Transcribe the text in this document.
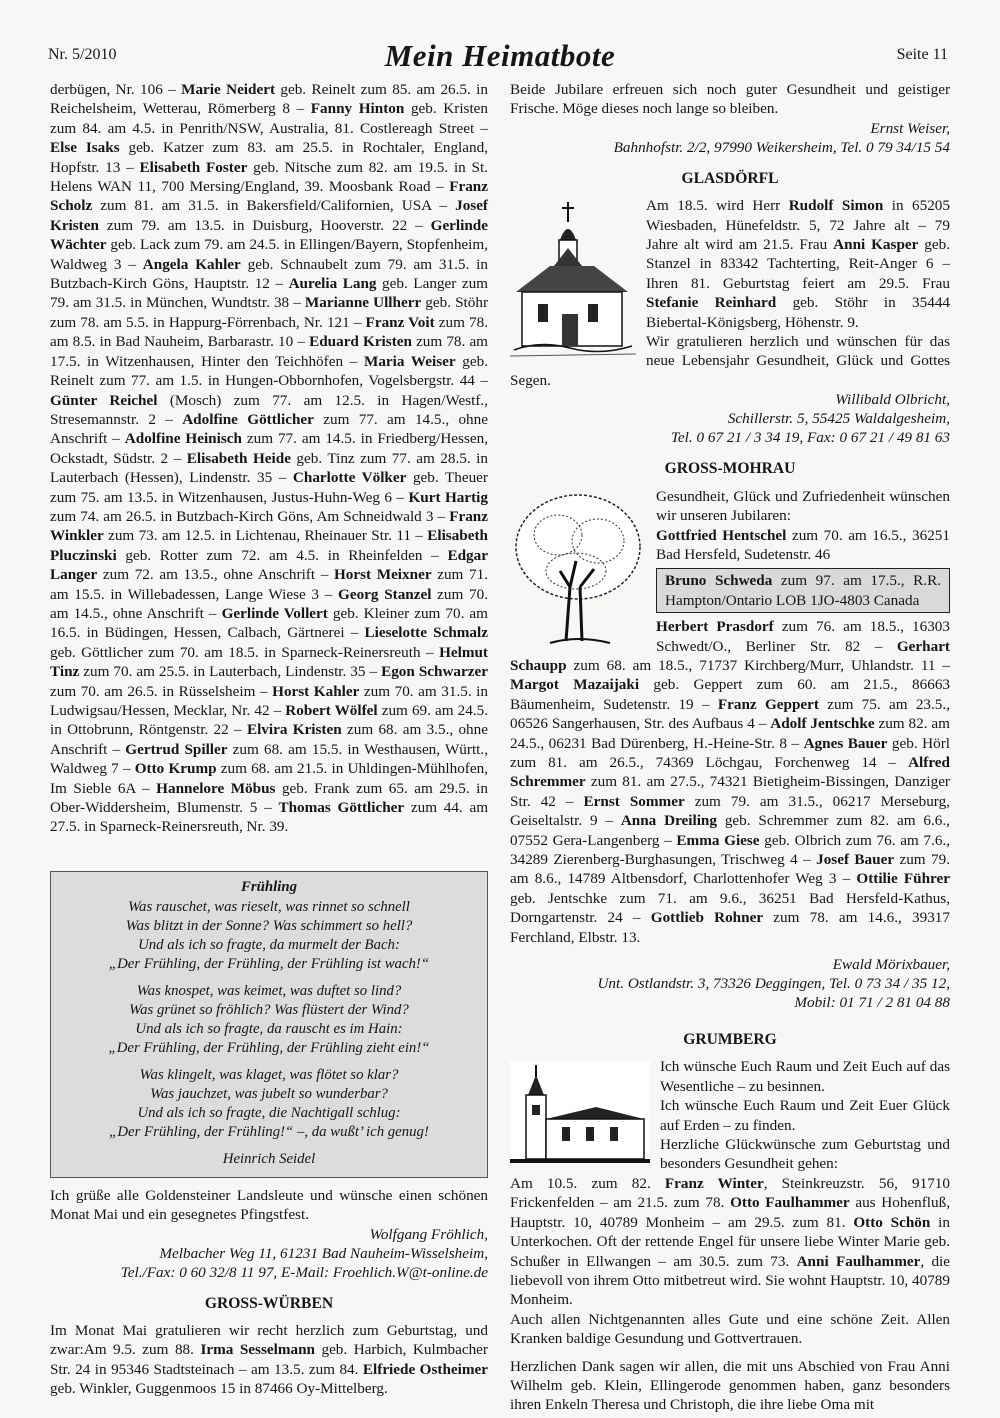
Nr. 5/2010	Mein Heimatbote	Seite 11

derbügen, Nr. 106 – Marie Neidert geb. Reinelt zum 85. am 26.5. in Reichelsheim, Wetterau, Römerberg 8 – Fanny Hinton geb. Kristen zum 84. am 4.5. in Penrith/NSW, Australia, 81. Costlereagh Street – Else Isaks geb. Katzer zum 83. am 25.5. in Rochtaler, England, Hopfstr. 13 – Elisabeth Foster geb. Nitsche zum 82. am 19.5. in St. Helens WAN 11, 700 Mersing/England, 39. Moosbank Road – Franz Scholz zum 81. am 31.5. in Bakersfield/Californien, USA – Josef Kristen zum 79. am 13.5. in Duisburg, Hooverstr. 22 – Gerlinde Wächter geb. Lack zum 79. am 24.5. in Ellingen/Bayern, Stopfenheim, Waldweg 3 – Angela Kahler geb. Schnaubelt zum 79. am 31.5. in Butzbach-Kirch Göns, Hauptstr. 12 – Aurelia Lang geb. Langer zum 79. am 31.5. in München, Wundtstr. 38 – Marianne Ullherr geb. Stöhr zum 78. am 5.5. in Happurg-Förrenbach, Nr. 121 – Franz Voit zum 78. am 8.5. in Bad Nauheim, Barbarastr. 10 – Eduard Kristen zum 78. am 17.5. in Witzenhausen, Hinter den Teichhöfen – Maria Weiser geb. Reinelt zum 77. am 1.5. in Hungen-Obbornhofen, Vogelsbergstr. 44 – Günter Reichel (Mosch) zum 77. am 12.5. in Hagen/Westf., Stresemannstr. 2 – Adolfine Göttlicher zum 77. am 14.5., ohne Anschrift – Adolfine Heinisch zum 77. am 14.5. in Friedberg/Hessen, Ockstadt, Südstr. 2 – Elisabeth Heide geb. Tinz zum 77. am 28.5. in Lauterbach (Hessen), Lindenstr. 35 – Charlotte Völker geb. Theuer zum 75. am 13.5. in Witzenhausen, Justus-Huhn-Weg 6 – Kurt Hartig zum 74. am 26.5. in Butzbach-Kirch Göns, Am Schneidwald 3 – Franz Winkler zum 73. am 12.5. in Lichtenau, Rheinauer Str. 11 – Elisabeth Pluczinski geb. Rotter zum 72. am 4.5. in Rheinfelden – Edgar Langer zum 72. am 13.5., ohne Anschrift – Horst Meixner zum 71. am 15.5. in Willebadessen, Lange Wiese 3 – Georg Stanzel zum 70. am 14.5., ohne Anschrift – Gerlinde Vollert geb. Kleiner zum 70. am 16.5. in Büdingen, Hessen, Calbach, Gärtnerei – Lieselotte Schmalz geb. Göttlicher zum 70. am 18.5. in Sparneck-Reinersreuth – Helmut Tinz zum 70. am 25.5. in Lauterbach, Lindenstr. 35 – Egon Schwarzer zum 70. am 26.5. in Rüsselsheim – Horst Kahler zum 70. am 31.5. in Ludwigsau/Hessen, Mecklar, Nr. 42 – Robert Wölfel zum 69. am 24.5. in Ottobrunn, Röntgenstr. 22 – Elvira Kristen zum 68. am 3.5., ohne Anschrift – Gertrud Spiller zum 68. am 15.5. in Westhausen, Württ., Waldweg 7 – Otto Krump zum 68. am 21.5. in Uhldingen-Mühlhofen, Im Sieble 6A – Hannelore Möbus geb. Frank zum 65. am 29.5. in Ober-Widdersheim, Blumenstr. 5 – Thomas Göttlicher zum 44. am 27.5. in Sparneck-Reinersreuth, Nr. 39.

Frühling
Was rauschet, was rieselt, was rinnet so schnell
Was blitzt in der Sonne? Was schimmert so hell?
Und als ich so fragte, da murmelt der Bach:
„Der Frühling, der Frühling, der Frühling ist wach!“
Was knospet, was keimet, was duftet so lind?
Was grünet so fröhlich? Was flüstert der Wind?
Und als ich so fragte, da rauscht es im Hain:
„Der Frühling, der Frühling, der Frühling zieht ein!“
Was klingelt, was klaget, was flötet so klar?
Was jauchzet, was jubelt so wunderbar?
Und als ich so fragte, die Nachtigall schlug:
„Der Frühling, der Frühling!“ –, da wußt’ ich genug!
Heinrich Seidel

Ich grüße alle Goldensteiner Landsleute und wünsche einen schönen Monat Mai und ein gesegnetes Pfingstfest.

Wolfgang Fröhlich,
Melbacher Weg 11, 61231 Bad Nauheim-Wisselsheim,
Tel./Fax: 0 60 32/8 11 97, E-Mail: Froehlich.W@t-online.de
GROSS-WÜRBEN

Im Monat Mai gratulieren wir recht herzlich zum Geburtstag, und zwar:Am 9.5. zum 88. Irma Sesselmann geb. Harbich, Kulmbacher Str. 24 in 95346 Stadtsteinach – am 13.5. zum 84. Elfriede Ostheimer geb. Winkler, Guggenmoos 15 in 87466 Oy-Mittelberg.

Beide Jubilare erfreuen sich noch guter Gesundheit und geistiger Frische. Möge dieses noch lange so bleiben.

Ernst Weiser,
Bahnhofstr. 2/2, 97990 Weikersheim, Tel. 0 79 34/15 54
GLASDÖRFL

Am 18.5. wird Herr Rudolf Simon in 65205 Wiesbaden, Hünefeldstr. 5, 72 Jahre alt – 79 Jahre alt wird am 21.5. Frau Anni Kasper geb. Stanzel in 83342 Tachterting, Reit-Anger 6 – Ihren 81. Geburtstag feiert am 29.5. Frau Stefanie Reinhard geb. Stöhr in 35444 Biebertal-Königsberg, Höhenstr. 9.

Wir gratulieren herzlich und wünschen für das neue Lebensjahr Gesundheit, Glück und Gottes Segen.

Willibald Olbricht,
Schillerstr. 5, 55425 Waldalgesheim,
Tel. 0 67 21 / 3 34 19, Fax: 0 67 21 / 49 81 63
GROSS-MOHRAU

Gesundheit, Glück und Zufriedenheit wünschen wir unseren Jubilaren:

Gottfried Hentschel zum 70. am 16.5., 36251 Bad Hersfeld, Sudetenstr. 46

Bruno Schweda zum 97. am 17.5., R.R. Hampton/Ontario LOB 1JO-4803 Canada

Herbert Prasdorf zum 76. am 18.5., 16303 Schwedt/O., Berliner Str. 82 – Gerhart Schaupp zum 68. am 18.5., 71737 Kirchberg/Murr, Uhlandstr. 11 – Margot Mazaijaki geb. Geppert zum 60. am 21.5., 86663 Bäumenheim, Sudetenstr. 19 – Franz Geppert zum 75. am 23.5., 06526 Sangerhausen, Str. des Aufbaus 4 – Adolf Jentschke zum 82. am 24.5., 06231 Bad Dürenberg, H.-Heine-Str. 8 – Agnes Bauer geb. Hörl zum 81. am 26.5., 74369 Löchgau, Forchenweg 14 – Alfred Schremmer zum 81. am 27.5., 74321 Bietigheim-Bissingen, Danziger Str. 42 – Ernst Sommer zum 79. am 31.5., 06217 Merseburg, Geiseltalstr. 9 – Anna Dreiling geb. Schremmer zum 82. am 6.6., 07552 Gera-Langenberg – Emma Giese geb. Olbrich zum 76. am 7.6., 34289 Zierenberg-Burghasungen, Trischweg 4 – Josef Bauer zum 79. am 8.6., 14789 Altbensdorf, Charlottenhofer Weg 3 – Ottilie Führer geb. Jentschke zum 71. am 9.6., 36251 Bad Hersfeld-Kathus, Dorngartenstr. 24 – Gottlieb Rohner zum 78. am 14.6., 39317 Ferchland, Elbstr. 13.

Ewald Mörixbauer,
Unt. Ostlandstr. 3, 73326 Deggingen, Tel. 0 73 34 / 35 12,
Mobil: 01 71 / 2 81 04 88
GRUMBERG

Ich wünsche Euch Raum und Zeit Euch auf das Wesentliche – zu besinnen.

Ich wünsche Euch Raum und Zeit Euer Glück auf Erden – zu finden.

Herzliche Glückwünsche zum Geburtstag und besonders Gesundheit gehen:

Am 10.5. zum 82. Franz Winter, Steinkreuzstr. 56, 91710 Frickenfelden – am 21.5. zum 78. Otto Faulhammer aus Hohenfluß, Hauptstr. 10, 40789 Monheim – am 29.5. zum 81. Otto Schön in Unterkochen. Oft der rettende Engel für unsere liebe Winter Marie geb. Schußer in Ellwangen – am 30.5. zum 73. Anni Faulhammer, die liebevoll von ihrem Otto mitbetreut wird. Sie wohnt Hauptstr. 10, 40789 Monheim.

Auch allen Nichtgenannten alles Gute und eine schöne Zeit. Allen Kranken baldige Gesundung und Gottvertrauen.

Herzlichen Dank sagen wir allen, die mit uns Abschied von Frau Anni Wilhelm geb. Klein, Ellingerode genommen haben, ganz besonders ihren Enkeln Theresa und Christoph, die ihre liebe Oma mit
